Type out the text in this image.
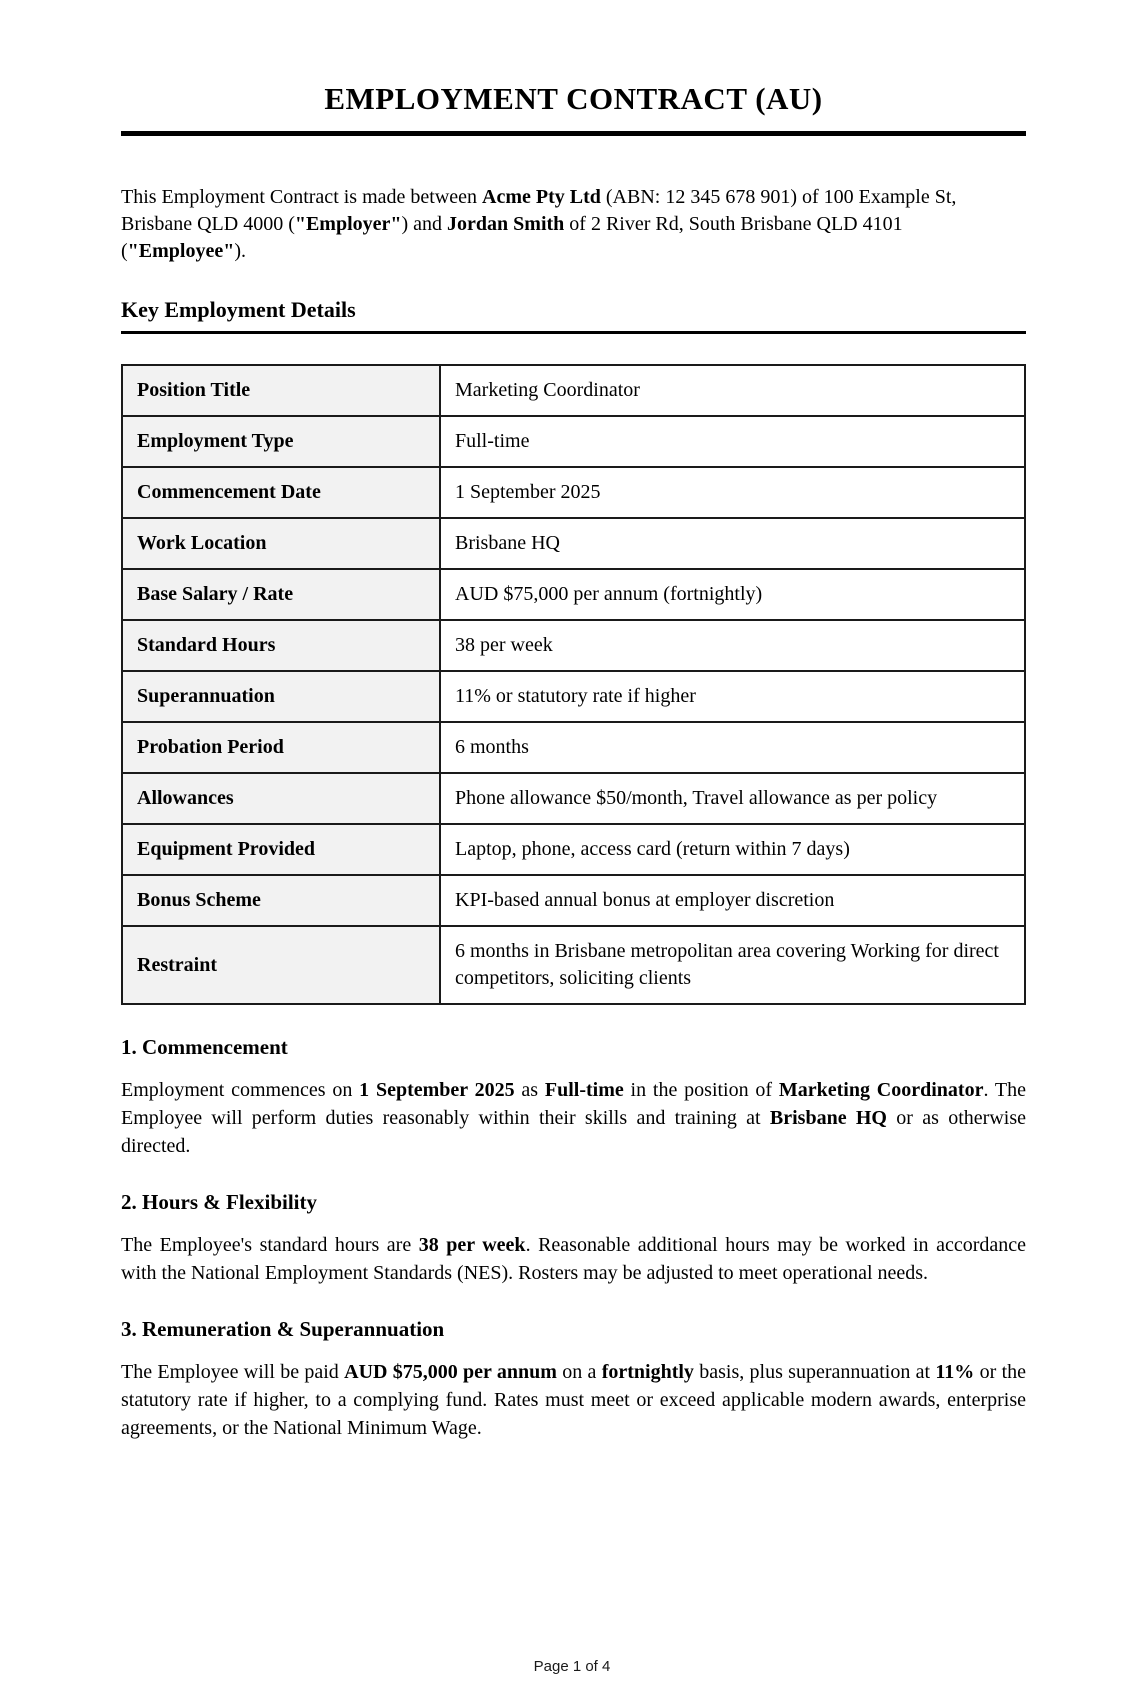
EMPLOYMENT CONTRACT (AU)

This Employment Contract is made between Acme Pty Ltd (ABN: 12 345 678 901) of 100 Example St, Brisbane QLD 4000 ("Employer") and Jordan Smith of 2 River Rd, South Brisbane QLD 4101 ("Employee").

Key Employment Details
Position Title	Marketing Coordinator
Employment Type	Full-time
Commencement Date	1 September 2025
Work Location	Brisbane HQ
Base Salary / Rate	AUD $75,000 per annum (fortnightly)
Standard Hours	38 per week
Superannuation	11% or statutory rate if higher
Probation Period	6 months
Allowances	Phone allowance $50/month, Travel allowance as per policy
Equipment Provided	Laptop, phone, access card (return within 7 days)
Bonus Scheme	KPI-based annual bonus at employer discretion
Restraint	6 months in Brisbane metropolitan area covering Working for direct competitors, soliciting clients
1. Commencement

Employment commences on 1 September 2025 as Full-time in the position of Marketing Coordinator. The Employee will perform duties reasonably within their skills and training at Brisbane HQ or as otherwise directed.

2. Hours & Flexibility

The Employee's standard hours are 38 per week. Reasonable additional hours may be worked in accordance with the National Employment Standards (NES). Rosters may be adjusted to meet operational needs.

3. Remuneration & Superannuation

The Employee will be paid AUD $75,000 per annum on a fortnightly basis, plus superannuation at 11% or the statutory rate if higher, to a complying fund. Rates must meet or exceed applicable modern awards, enterprise agreements, or the National Minimum Wage.

Page 1 of 4
